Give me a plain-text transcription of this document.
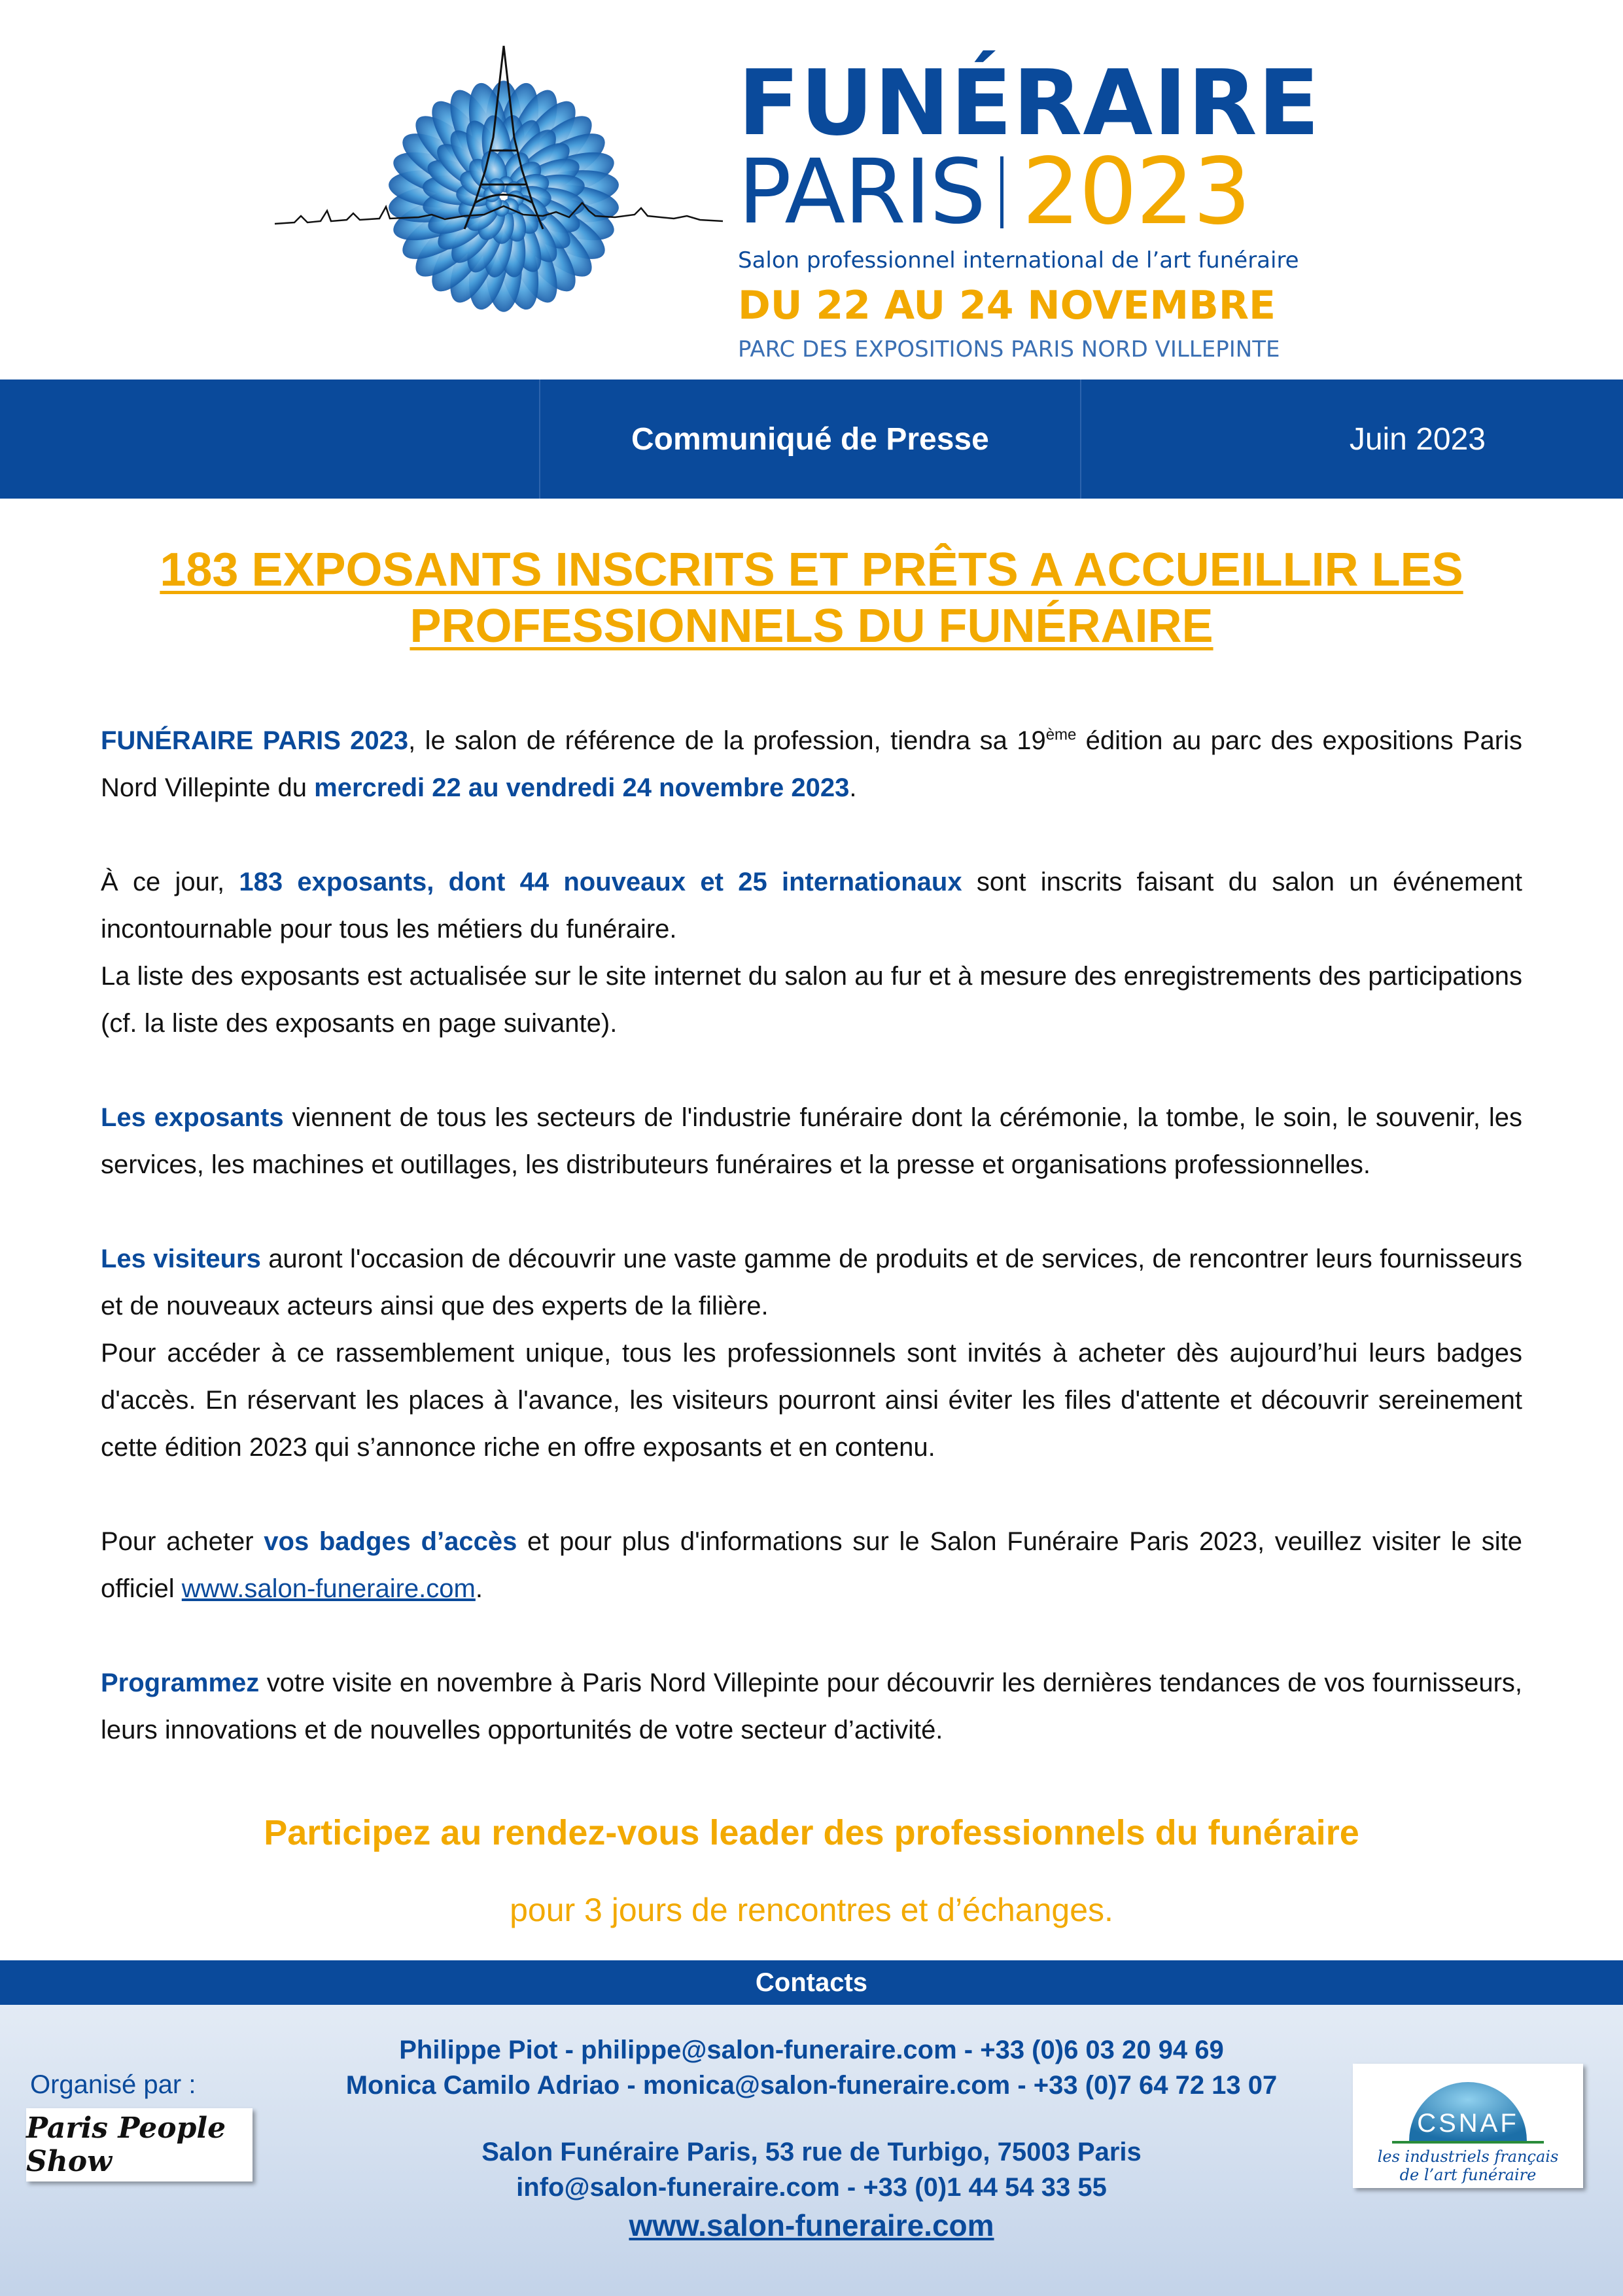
FUNÉRAIRE
PARIS 2023
Salon professionnel international de l’art funéraire
DU 22 AU 24 NOVEMBRE
PARC DES EXPOSITIONS PARIS NORD VILLEPINTE
Communiqué de Presse	Juin 2023
183 EXPOSANTS INSCRITS ET PRÊTS A ACCUEILLIR LES PROFESSIONNELS DU FUNÉRAIRE

FUNÉRAIRE PARIS 2023, le salon de référence de la profession, tiendra sa 19ème édition au parc des expositions Paris Nord Villepinte du mercredi 22 au vendredi 24 novembre 2023.

À ce jour, 183 exposants, dont 44 nouveaux et 25 internationaux sont inscrits faisant du salon un événement incontournable pour tous les métiers du funéraire.

La liste des exposants est actualisée sur le site internet du salon au fur et à mesure des enregistrements des participations (cf. la liste des exposants en page suivante).

Les exposants viennent de tous les secteurs de l'industrie funéraire dont la cérémonie, la tombe, le soin, le souvenir, les services, les machines et outillages, les distributeurs funéraires et la presse et organisations professionnelles.

Les visiteurs auront l'occasion de découvrir une vaste gamme de produits et de services, de rencontrer leurs fournisseurs et de nouveaux acteurs ainsi que des experts de la filière.

Pour accéder à ce rassemblement unique, tous les professionnels sont invités à acheter dès aujourd’hui leurs badges d'accès. En réservant les places à l'avance, les visiteurs pourront ainsi éviter les files d'attente et découvrir sereinement cette édition 2023 qui s’annonce riche en offre exposants et en contenu.

Pour acheter vos badges d’accès et pour plus d'informations sur le Salon Funéraire Paris 2023, veuillez visiter le site officiel www.salon-funeraire.com.

Programmez votre visite en novembre à Paris Nord Villepinte pour découvrir les dernières tendances de vos fournisseurs, leurs innovations et de nouvelles opportunités de votre secteur d’activité.

Participez au rendez-vous leader des professionnels du funéraire
pour 3 jours de rencontres et d’échanges.
Contacts
Organisé par :
Paris People Show
Philippe Piot - philippe@salon-funeraire.com - +33 (0)6 03 20 94 69
Monica Camilo Adriao - monica@salon-funeraire.com - +33 (0)7 64 72 13 07
Salon Funéraire Paris, 53 rue de Turbigo, 75003 Paris
info@salon-funeraire.com - +33 (0)1 44 54 33 55
www.salon-funeraire.com
CSNAF
les industriels français
de l’art funéraire
